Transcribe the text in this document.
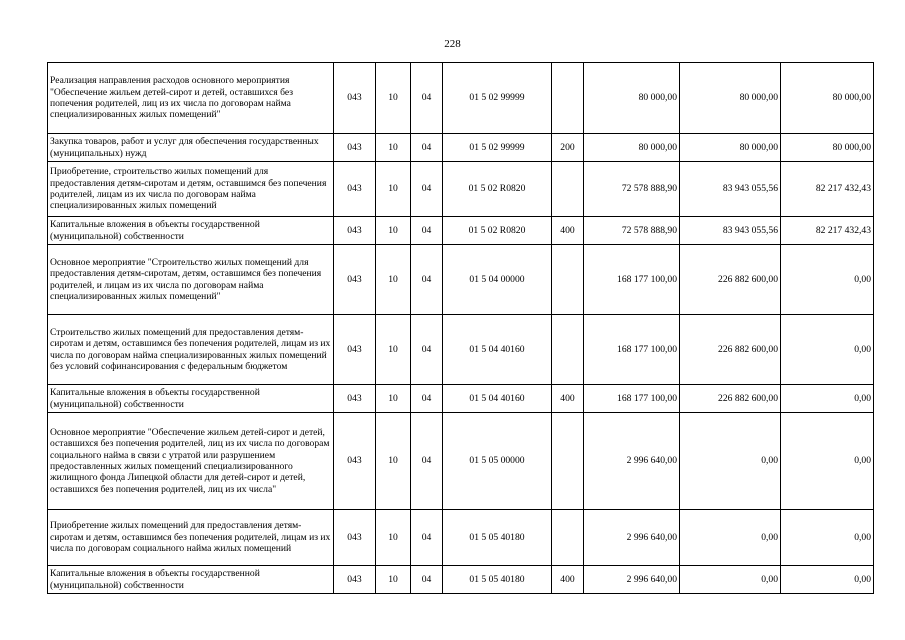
228
Реализация направления расходов основного мероприятия "Обеспечение жильем детей-сирот и детей, оставшихся без попечения родителей, лиц из их числа по договорам найма специализированных жилых помещений"	043	10	04	01 5 02 99999		80 000,00	80 000,00	80 000,00
Закупка товаров, работ и услуг для обеспечения государственных (муниципальных) нужд	043	10	04	01 5 02 99999	200	80 000,00	80 000,00	80 000,00
Приобретение, строительство жилых помещений для предоставления детям-сиротам и детям, оставшимся без попечения родителей, лицам из их числа по договорам найма специализированных жилых помещений	043	10	04	01 5 02 R0820		72 578 888,90	83 943 055,56	82 217 432,43
Капитальные вложения в объекты государственной (муниципальной) собственности	043	10	04	01 5 02 R0820	400	72 578 888,90	83 943 055,56	82 217 432,43
Основное мероприятие "Строительство жилых помещений для предоставления детям-сиротам, детям, оставшимся без попечения родителей, и лицам из их числа по договорам найма специализированных жилых помещений"	043	10	04	01 5 04 00000		168 177 100,00	226 882 600,00	0,00
Строительство жилых помещений для предоставления детям-сиротам и детям, оставшимся без попечения родителей, лицам из их числа по договорам найма специализированных жилых помещений без условий софинансирования с федеральным бюджетом	043	10	04	01 5 04 40160		168 177 100,00	226 882 600,00	0,00
Капитальные вложения в объекты государственной (муниципальной) собственности	043	10	04	01 5 04 40160	400	168 177 100,00	226 882 600,00	0,00
Основное мероприятие "Обеспечение жильем детей-сирот и детей, оставшихся без попечения родителей, лиц из их числа по договорам социального найма в связи с утратой или разрушением предоставленных жилых помещений специализированного жилищного фонда Липецкой области для детей-сирот и детей, оставшихся без попечения родителей, лиц из их числа"	043	10	04	01 5 05 00000		2 996 640,00	0,00	0,00
Приобретение жилых помещений для предоставления детям-сиротам и детям, оставшимся без попечения родителей, лицам из их числа по договорам социального найма жилых помещений	043	10	04	01 5 05 40180		2 996 640,00	0,00	0,00
Капитальные вложения в объекты государственной (муниципальной) собственности	043	10	04	01 5 05 40180	400	2 996 640,00	0,00	0,00
